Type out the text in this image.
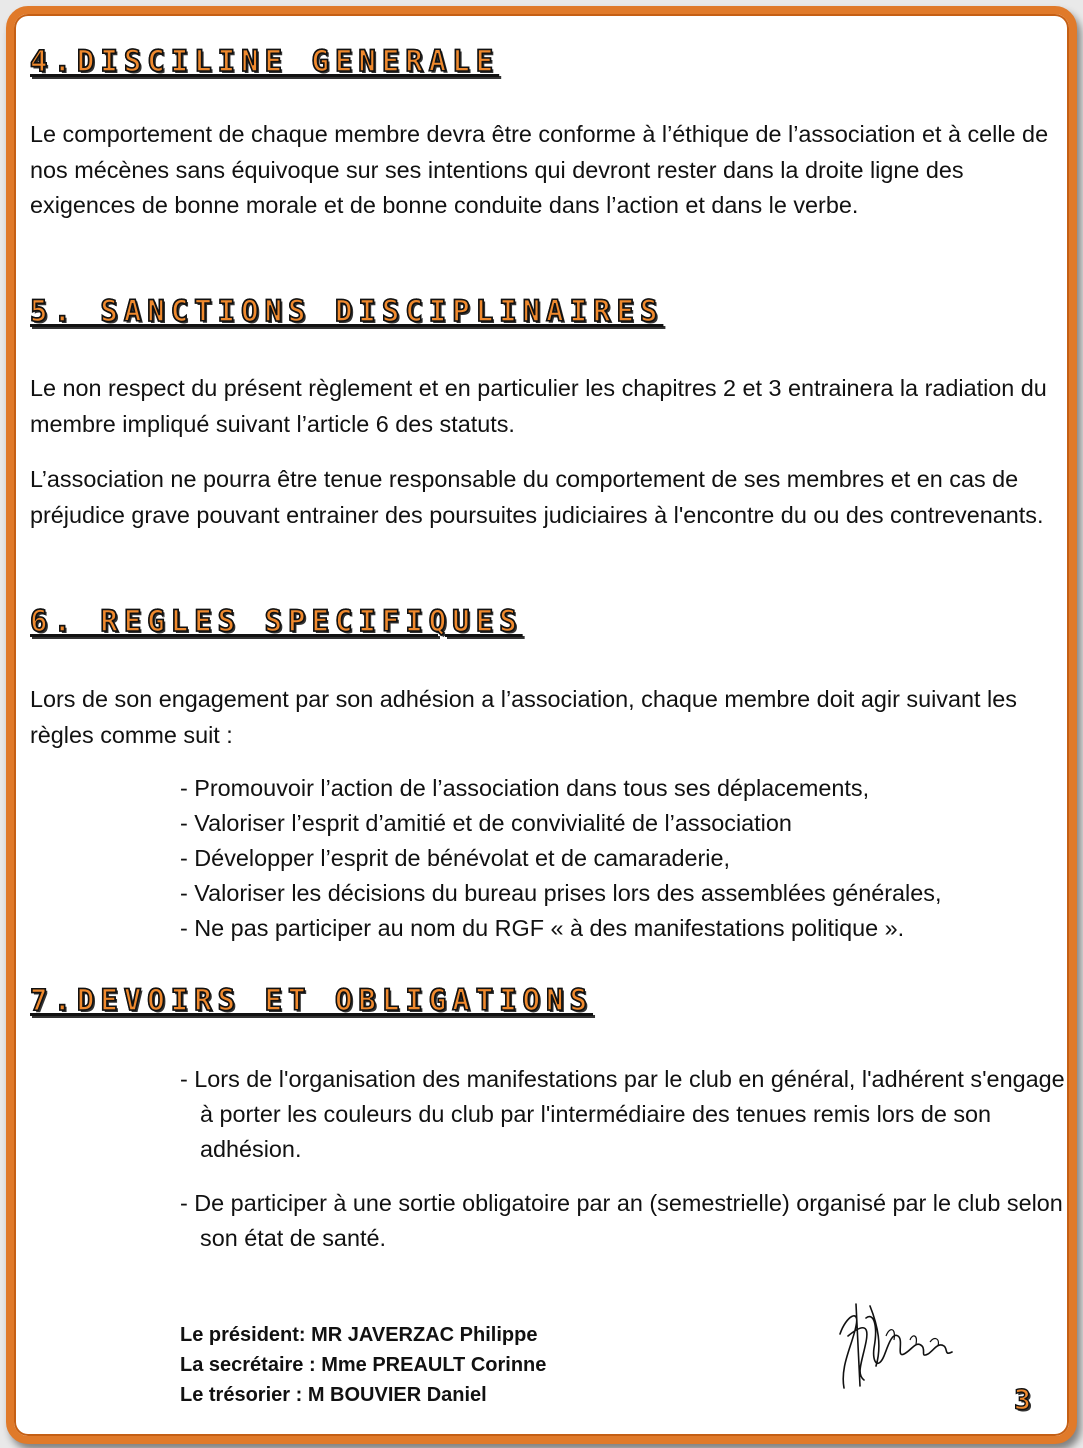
4.DISCILINE GENERALE

Le comportement de chaque membre devra être conforme à l’éthique de l’association et à celle de nos mécènes sans équivoque sur ses intentions qui devront rester dans la droite ligne des exigences de bonne morale et de bonne conduite dans l’action et dans le verbe.

5. SANCTIONS DISCIPLINAIRES

Le non respect du présent règlement et en particulier les chapitres 2 et 3 entrainera la radiation du membre impliqué suivant l’article 6 des statuts.

L’association ne pourra être tenue responsable du comportement de ses membres et en cas de préjudice grave pouvant entrainer des poursuites judiciaires à l'encontre du ou des contrevenants.

6. REGLES SPECIFIQUES

Lors de son engagement par son adhésion a l’association, chaque membre doit agir suivant les règles comme suit :

- Promouvoir l’action de l’association dans tous ses déplacements,
- Valoriser l’esprit d’amitié et de convivialité de l’association
- Développer l’esprit de bénévolat et de camaraderie,
- Valoriser les décisions du bureau prises lors des assemblées générales,
- Ne pas participer au nom du RGF « à des manifestations politique ».
7.DEVOIRS ET OBLIGATIONS

- Lors de l'organisation des manifestations par le club en général, l'adhérent s'engage à porter les couleurs du club par l'intermédiaire des tenues remis lors de son adhésion.

- De participer à une sortie obligatoire par an (semestrielle) organisé par le club selon son état de santé.

Le président: MR JAVERZAC Philippe
La secrétaire : Mme PREAULT Corinne
Le trésorier : M BOUVIER Daniel	3
